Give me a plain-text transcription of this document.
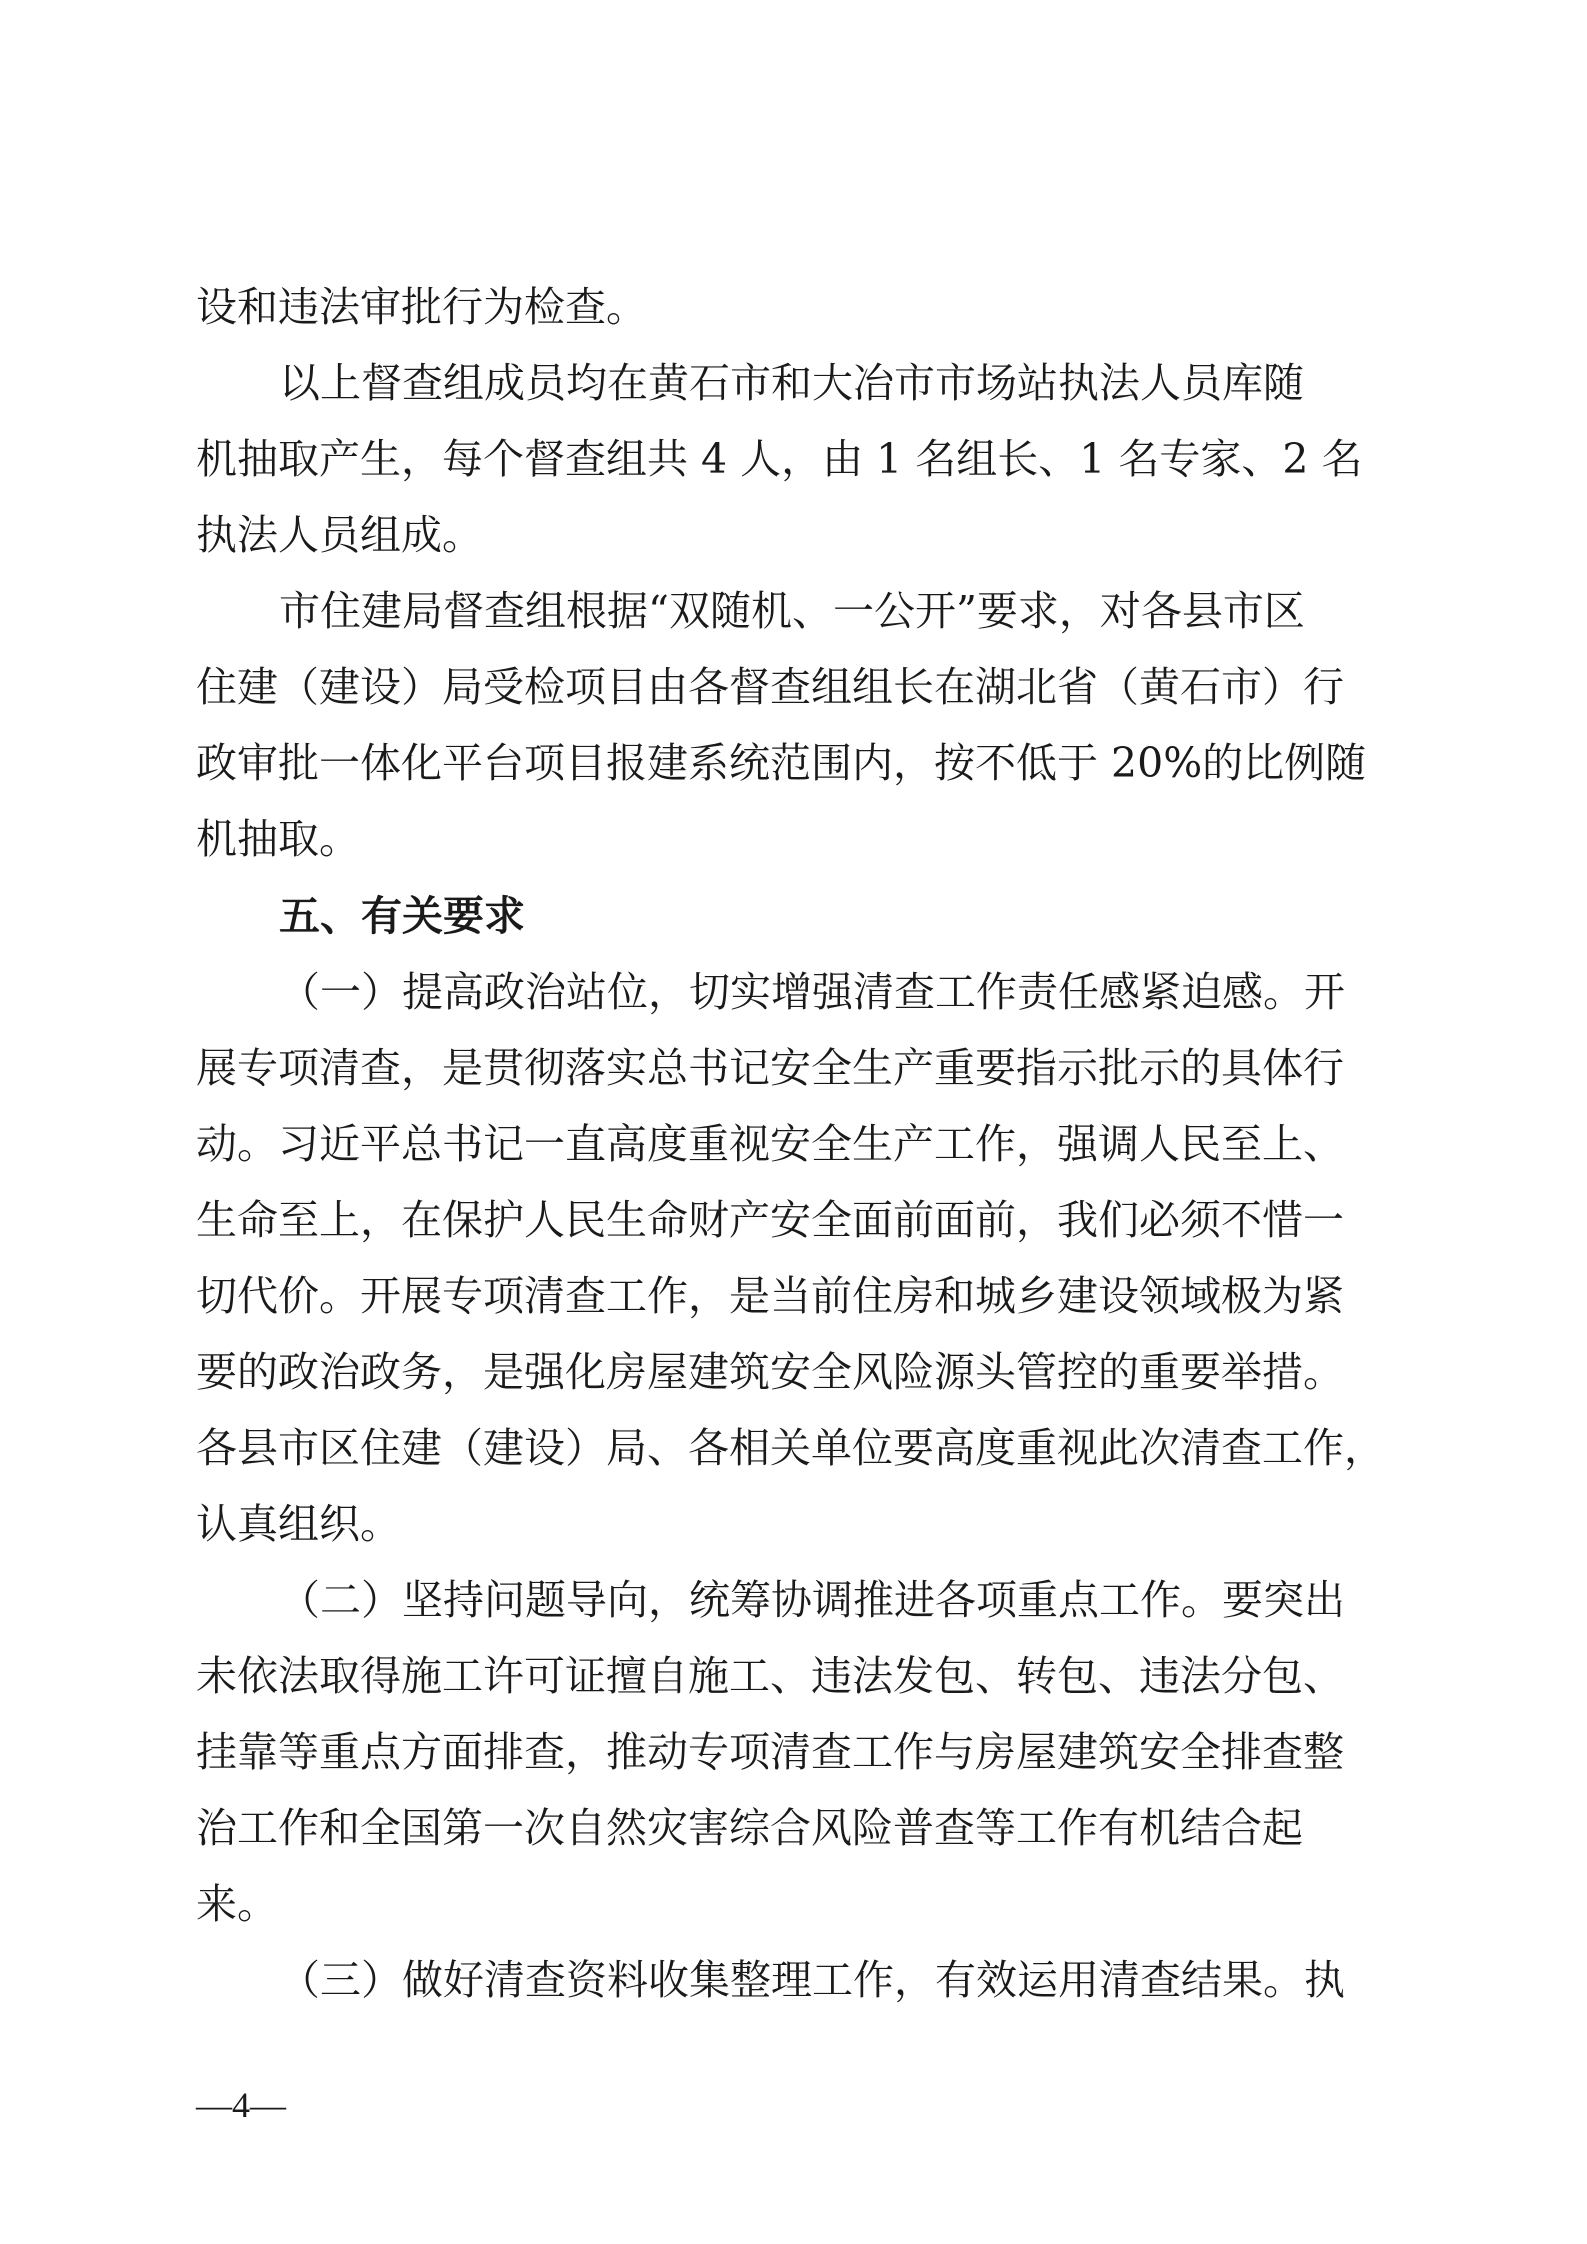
设和违法审批行为检查。
以上督查组成员均在黄石市和大冶市市场站执法人员库随
机抽取产生，每个督查组共 4 人，由 1 名组长、1 名专家、2 名
执法人员组成。
市住建局督查组根据“双随机、一公开”要求，对各县市区
住建（建设）局受检项目由各督查组组长在湖北省（黄石市）行
政审批一体化平台项目报建系统范围内，按不低于 20%的比例随
机抽取。
五、有关要求
（一）提高政治站位，切实增强清查工作责任感紧迫感。开
展专项清查，是贯彻落实总书记安全生产重要指示批示的具体行
动。习近平总书记一直高度重视安全生产工作，强调人民至上、
生命至上，在保护人民生命财产安全面前面前，我们必须不惜一
切代价。开展专项清查工作，是当前住房和城乡建设领域极为紧
要的政治政务，是强化房屋建筑安全风险源头管控的重要举措。
各县市区住建（建设）局、各相关单位要高度重视此次清查工作，
认真组织。
（二）坚持问题导向，统筹协调推进各项重点工作。要突出
未依法取得施工许可证擅自施工、违法发包、转包、违法分包、
挂靠等重点方面排查，推动专项清查工作与房屋建筑安全排查整
治工作和全国第一次自然灾害综合风险普查等工作有机结合起
来。
（三）做好清查资料收集整理工作，有效运用清查结果。执
—4—
